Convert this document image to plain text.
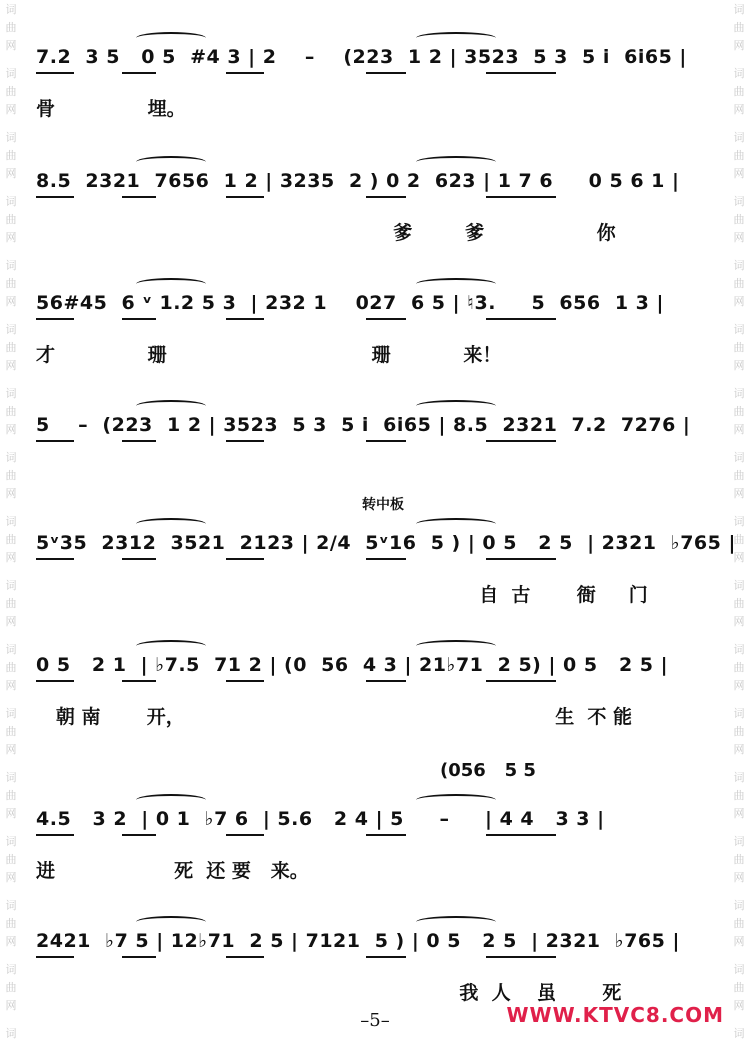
词
曲
网
词
曲
网
词
曲
网
词
曲
网
词
曲
网
词
曲
网
词
曲
网
词
曲
网
词
曲
网
词
曲
网
词
曲
网
词
曲
网
词
曲
网
词
曲
网
词
曲
网
词
曲
网
词
词
曲
网
词
曲
网
词
曲
网
词
曲
网
词
曲
网
词
曲
网
词
曲
网
词
曲
网
词
曲
网
词
曲
网
词
曲
网
词
曲
网
词
曲
网
词
曲
网
词
曲
网
词
曲
网
词
7.2  3 5   0 5  #4 3 | 2    –    (223  1 2 | 3523  5 3  5 i  6i65 |
骨              埋。
8.5  2321  7656  1 2 | 3235  2 ) 0 2  623 | 1 7 6     0 5 6 1 |
爹        爹                 你
56#45  6 ᵛ 1.2 5 3  | 232 1    027  6 5 | ♮3.     5  656  1 3 |
才              珊                               珊           来！
5    –  (223  1 2 | 3523  5 3  5 i  6i65 | 8.5  2321  7.2  7276 |
5ᵛ35  2312  3521  2123 | 2/4  5ᵛ16  5 ) | 0 5   2 5  | 2321  ♭765 |
自  古       衙     门
0 5   2 1  | ♭7.5  71 2 | (0  56  4 3 | 21♭71  2 5) | 0 5   2 5 |
朝 南       开，                                                        生  不 能
4.5   3 2  | 0 1  ♭7 6  | 5.6   2 4 | 5     –     | 4 4   3 3 |
进                  死  还 要   来。
2421  ♭7 5 | 12♭71  2 5 | 7121  5 ) | 0 5   2 5  | 2321  ♭765 |
我  人    虽       死
转中板
(056   5 5
–5–	WWW.KTVC8.COM
